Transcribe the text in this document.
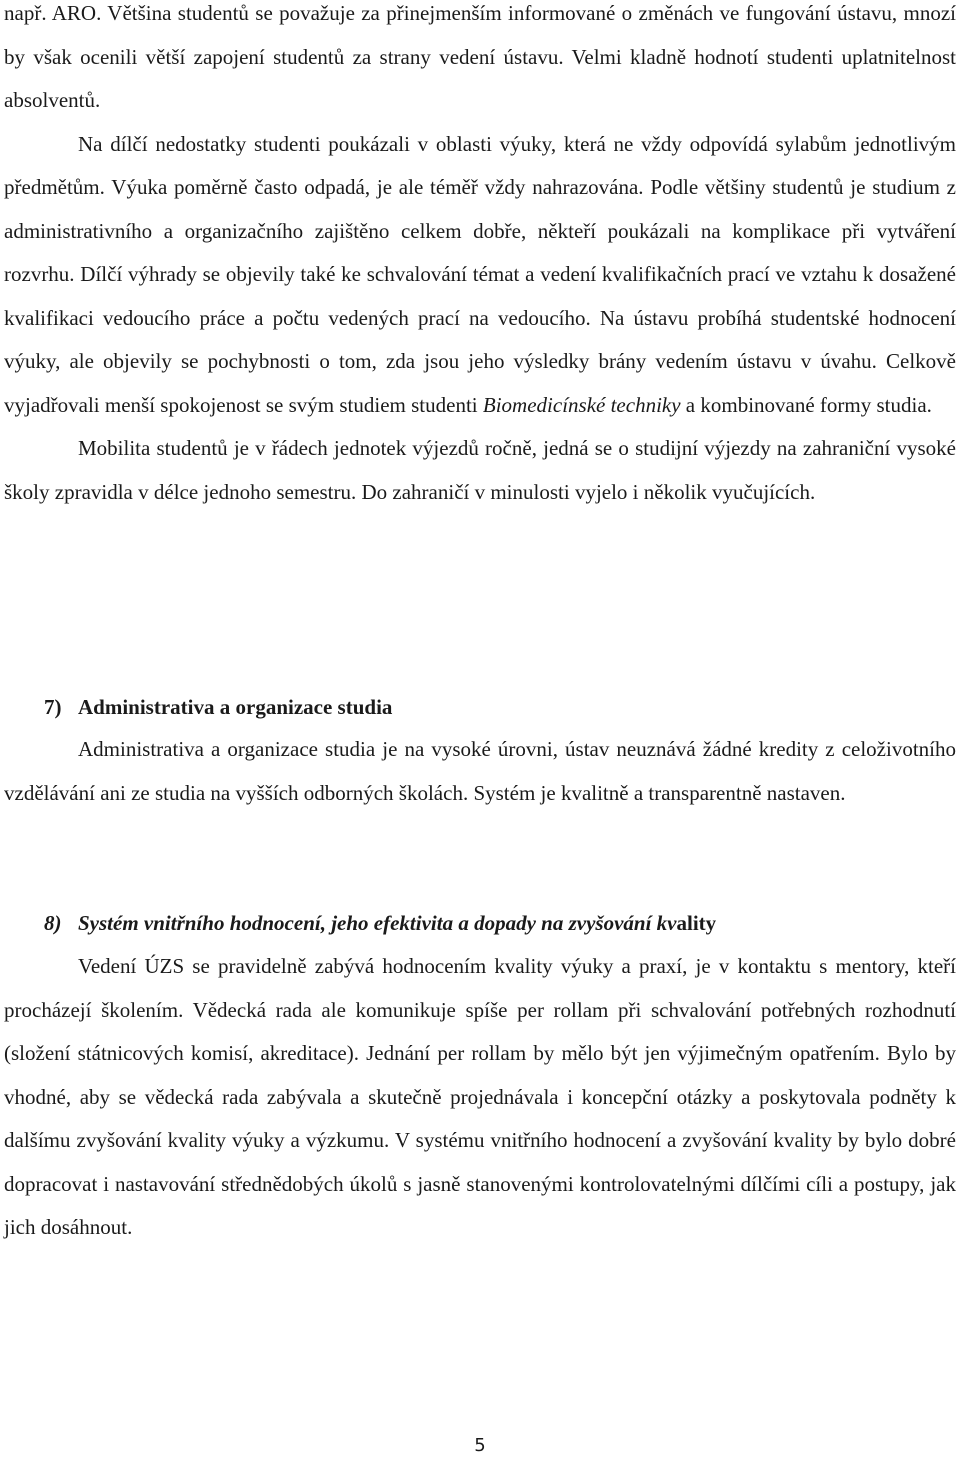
např. ARO. Většina studentů se považuje za přinejmenším informované o změnách ve fungování ústavu, mnozí by však ocenili větší zapojení studentů za strany vedení ústavu. Velmi kladně hodnotí studenti uplatnitelnost absolventů.

Na dílčí nedostatky studenti poukázali v oblasti výuky, která ne vždy odpovídá sylabům jednotlivým předmětům. Výuka poměrně často odpadá, je ale téměř vždy nahrazována. Podle většiny studentů je studium z administrativního a organizačního zajištěno celkem dobře, někteří poukázali na komplikace při vytváření rozvrhu. Dílčí výhrady se objevily také ke schvalování témat a vedení kvalifikačních prací ve vztahu k dosažené kvalifikaci vedoucího práce a počtu vedených prací na vedoucího. Na ústavu probíhá studentské hodnocení výuky, ale objevily se pochybnosti o tom, zda jsou jeho výsledky brány vedením ústavu v úvahu. Celkově vyjadřovali menší spokojenost se svým studiem studenti Biomedicínské techniky a kombinované formy studia.

Mobilita studentů je v řádech jednotek výjezdů ročně, jedná se o studijní výjezdy na zahraniční vysoké školy zpravidla v délce jednoho semestru. Do zahraničí v minulosti vyjelo i několik vyučujících.

7) Administrativa a organizace studia

Administrativa a organizace studia je na vysoké úrovni, ústav neuznává žádné kredity z celoživotního vzdělávání ani ze studia na vyšších odborných školách. Systém je kvalitně a transparentně nastaven.

8) Systém vnitřního hodnocení, jeho efektivita a dopady na zvyšování kvality

Vedení ÚZS se pravidelně zabývá hodnocením kvality výuky a praxí, je v kontaktu s mentory, kteří procházejí školením. Vědecká rada ale komunikuje spíše per rollam při schvalování potřebných rozhodnutí (složení státnicových komisí, akreditace). Jednání per rollam by mělo být jen výjimečným opatřením. Bylo by vhodné, aby se vědecká rada zabývala a skutečně projednávala i koncepční otázky a poskytovala podněty k dalšímu zvyšování kvality výuky a výzkumu. V systému vnitřního hodnocení a zvyšování kvality by bylo dobré dopracovat i nastavování střednědobých úkolů s jasně stanovenými kontrolovatelnými dílčími cíli a postupy, jak jich dosáhnout.

5
